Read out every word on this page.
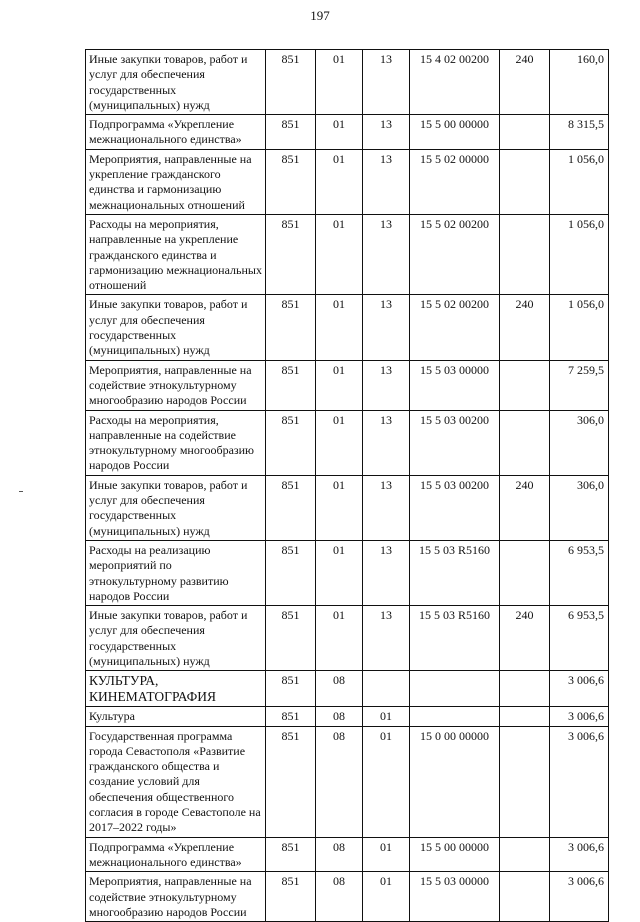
197
Иные закупки товаров, работ и услуг для обеспечения государственных (муниципальных) нужд	851	01	13	15 4 02 00200	240	160,0
Подпрограмма «Укрепление межнационального единства»	851	01	13	15 5 00 00000		8 315,5
Мероприятия, направленные на укрепление гражданского единства и гармонизацию межнациональных отношений	851	01	13	15 5 02 00000		1 056,0
Расходы на мероприятия, направленные на укрепление гражданского единства и гармонизацию межнациональных отношений	851	01	13	15 5 02 00200		1 056,0
Иные закупки товаров, работ и услуг для обеспечения государственных (муниципальных) нужд	851	01	13	15 5 02 00200	240	1 056,0
Мероприятия, направленные на содействие этнокультурному многообразию народов России	851	01	13	15 5 03 00000		7 259,5
Расходы на мероприятия, направленные на содействие этнокультурному многообразию народов России	851	01	13	15 5 03 00200		306,0
Иные закупки товаров, работ и услуг для обеспечения государственных (муниципальных) нужд	851	01	13	15 5 03 00200	240	306,0
Расходы на реализацию мероприятий по этнокультурному развитию народов России	851	01	13	15 5 03 R5160		6 953,5
Иные закупки товаров, работ и услуг для обеспечения государственных (муниципальных) нужд	851	01	13	15 5 03 R5160	240	6 953,5
КУЛЬТУРА, КИНЕМАТОГРАФИЯ	851	08				3 006,6
Культура	851	08	01			3 006,6
Государственная программа города Севастополя «Развитие гражданского общества и создание условий для обеспечения общественного согласия в городе Севастополе на 2017–2022 годы»	851	08	01	15 0 00 00000		3 006,6
Подпрограмма «Укрепление межнационального единства»	851	08	01	15 5 00 00000		3 006,6
Мероприятия, направленные на содействие этнокультурному многообразию народов России	851	08	01	15 5 03 00000		3 006,6
